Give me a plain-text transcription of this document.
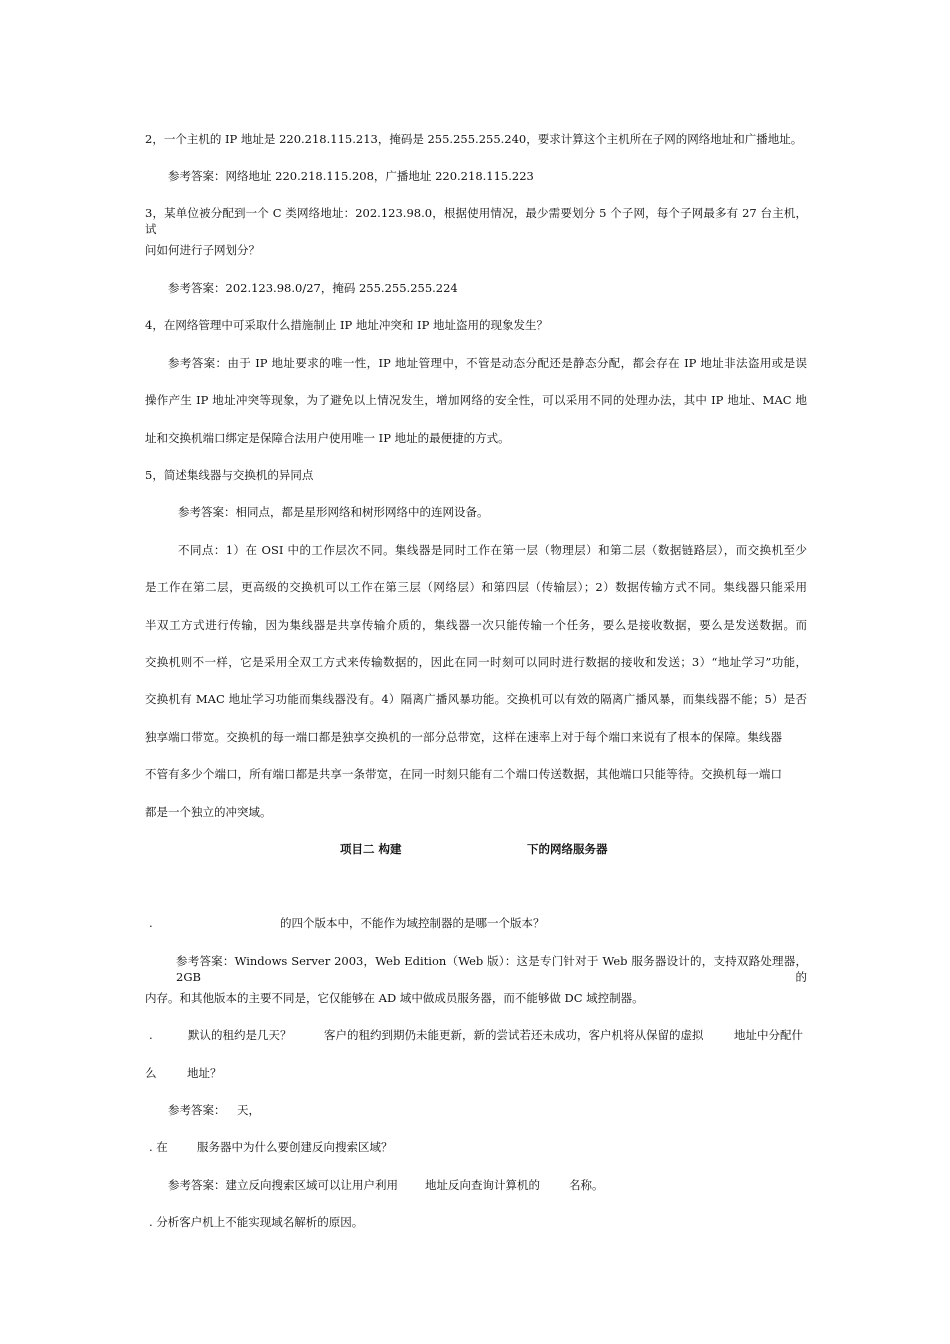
2，一个主机的 IP 地址是 220.218.115.213，掩码是 255.255.255.240，要求计算这个主机所在子网的网络地址和广播地址。

参考答案：网络地址 220.218.115.208，广播地址 220.218.115.223

3，某单位被分配到一个 C 类网络地址：202.123.98.0，根据使用情况，最少需要划分 5 个子网，每个子网最多有 27 台主机，试

问如何进行子网划分？

参考答案：202.123.98.0/27，掩码 255.255.255.224

4，在网络管理中可采取什么措施制止 IP 地址冲突和 IP 地址盗用的现象发生？

参考答案：由于 IP 地址要求的唯一性，IP 地址管理中，不管是动态分配还是静态分配，都会存在 IP 地址非法盗用或是误

操作产生 IP 地址冲突等现象，为了避免以上情况发生，增加网络的安全性，可以采用不同的处理办法，其中 IP 地址、MAC 地

址和交换机端口绑定是保障合法用户使用唯一 IP 地址的最便捷的方式。

5，简述集线器与交换机的异同点

参考答案：相同点，都是星形网络和树形网络中的连网设备。

不同点：1）在 OSI 中的工作层次不同。集线器是同时工作在第一层（物理层）和第二层（数据链路层），而交换机至少

是工作在第二层，更高级的交换机可以工作在第三层（网络层）和第四层（传输层）；2）数据传输方式不同。集线器只能采用

半双工方式进行传输，因为集线器是共享传输介质的，集线器一次只能传输一个任务，要么是接收数据，要么是发送数据。而

交换机则不一样，它是采用全双工方式来传输数据的，因此在同一时刻可以同时进行数据的接收和发送；3）“地址学习”功能，

交换机有 MAC 地址学习功能而集线器没有。4）隔离广播风暴功能。交换机可以有效的隔离广播风暴，而集线器不能；5）是否

独享端口带宽。交换机的每一端口都是独享交换机的一部分总带宽，这样在速率上对于每个端口来说有了根本的保障。集线器

不管有多少个端口，所有端口都是共享一条带宽，在同一时刻只能有二个端口传送数据，其他端口只能等待。交换机每一端口

都是一个独立的冲突域。

项目二 构建	下的网络服务器

.	的四个版本中，不能作为域控制器的是哪一个版本？

参考答案：Windows Server 2003，Web Edition（Web 版）：这是专门针对于 Web 服务器设计的，支持双路处理器，2GB 的

内存。和其他版本的主要不同是，它仅能够在 AD 域中做成员服务器，而不能够做 DC 域控制器。

.	默认的租约是几天？	客户的租约到期仍未能更新，新的尝试若还未成功，客户机将从保留的虚拟	地址中分配什

么	地址？

参考答案： 天，

. 在	服务器中为什么要创建反向搜索区域？

参考答案：建立反向搜索区域可以让用户利用 地址反向查询计算机的	名称。

. 分析客户机上不能实现域名解析的原因。
